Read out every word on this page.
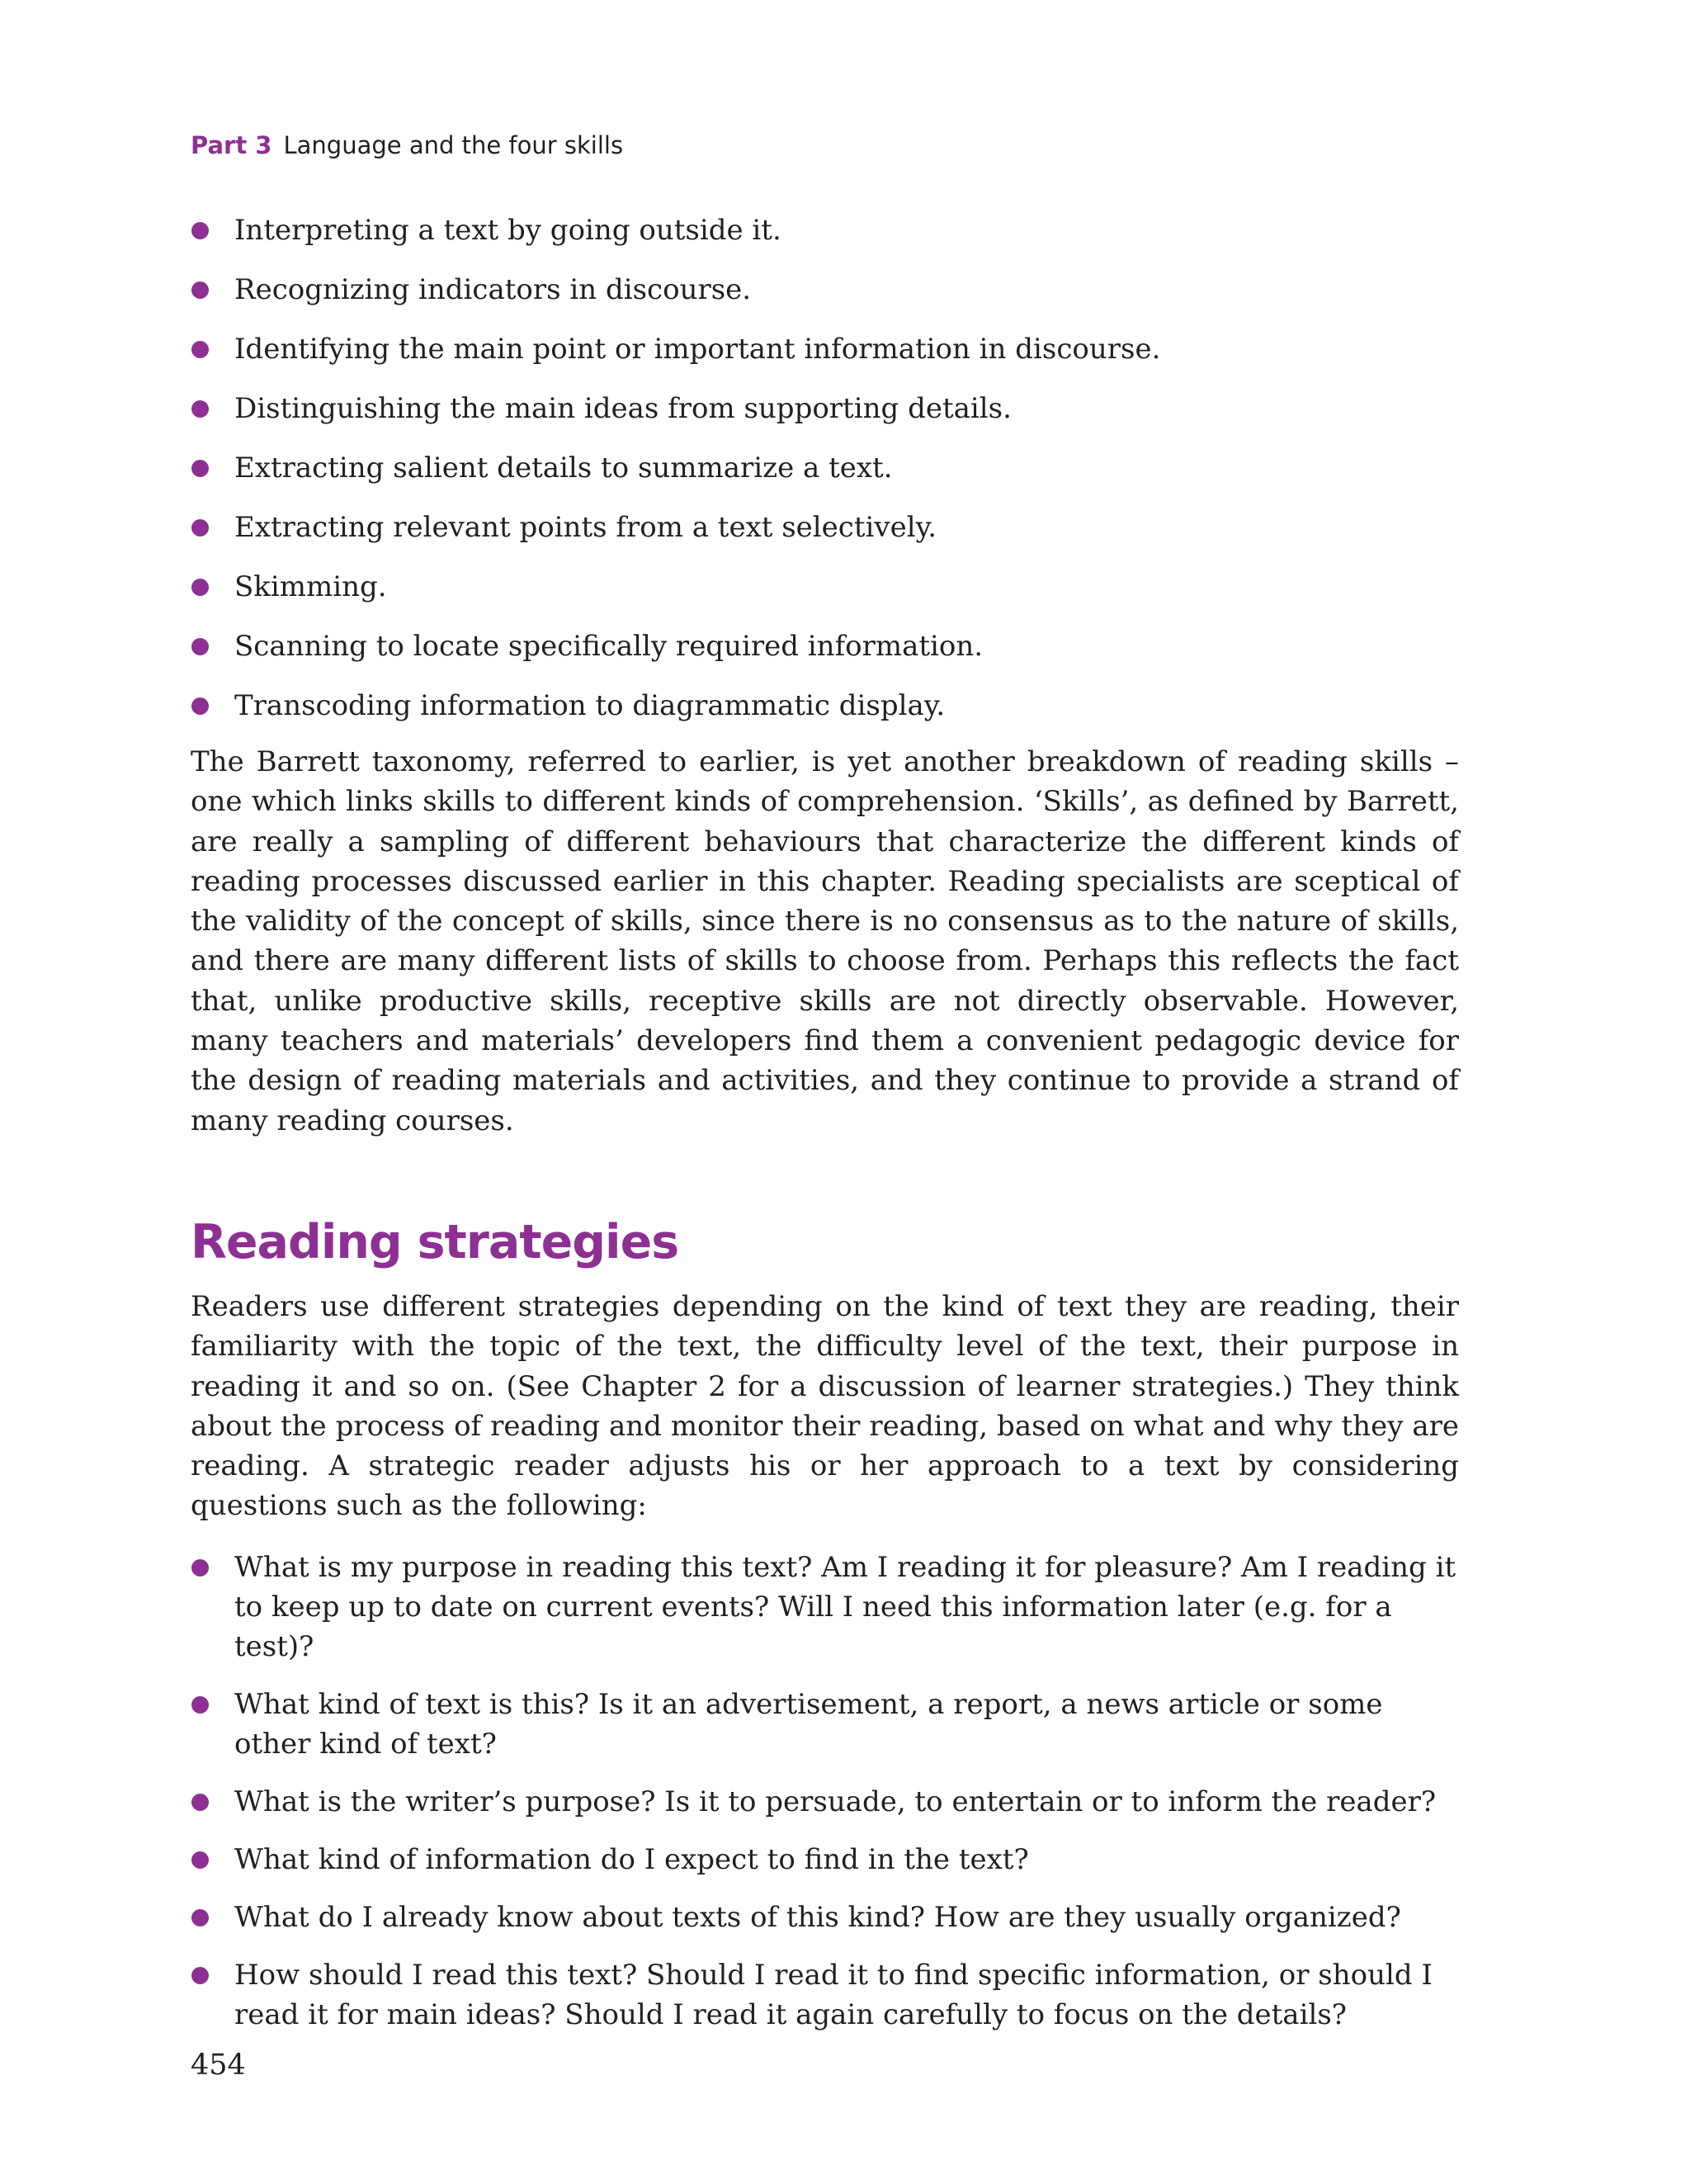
Part 3 Language and the four skills
Interpreting a text by going outside it.
Recognizing indicators in discourse.
Identifying the main point or important information in discourse.
Distinguishing the main ideas from supporting details.
Extracting salient details to summarize a text.
Extracting relevant points from a text selectively.
Skimming.
Scanning to locate specifically required information.
Transcoding information to diagrammatic display.

The Barrett taxonomy, referred to earlier, is yet another breakdown of reading skills – one which links skills to different kinds of comprehension. ‘Skills’, as defined by Barrett, are really a sampling of different behaviours that characterize the different kinds of reading processes discussed earlier in this chapter. Reading specialists are sceptical of the validity of the concept of skills, since there is no consensus as to the nature of skills, and there are many different lists of skills to choose from. Perhaps this reflects the fact that, unlike productive skills, receptive skills are not directly observable. However, many teachers and materials’ developers find them a convenient pedagogic device for the design of reading materials and activities, and they continue to provide a strand of many reading courses.

Reading strategies

Readers use different strategies depending on the kind of text they are reading, their familiarity with the topic of the text, the difficulty level of the text, their purpose in reading it and so on. (See Chapter 2 for a discussion of learner strategies.) They think about the process of reading and monitor their reading, based on what and why they are reading. A strategic reader adjusts his or her approach to a text by considering questions such as the following:

What is my purpose in reading this text? Am I reading it for pleasure? Am I reading it to keep up to date on current events? Will I need this information later (e.g. for a test)?
What kind of text is this? Is it an advertisement, a report, a news article or some other kind of text?
What is the writer’s purpose? Is it to persuade, to entertain or to inform the reader?
What kind of information do I expect to find in the text?
What do I already know about texts of this kind? How are they usually organized?
How should I read this text? Should I read it to find specific information, or should I read it for main ideas? Should I read it again carefully to focus on the details?
454
